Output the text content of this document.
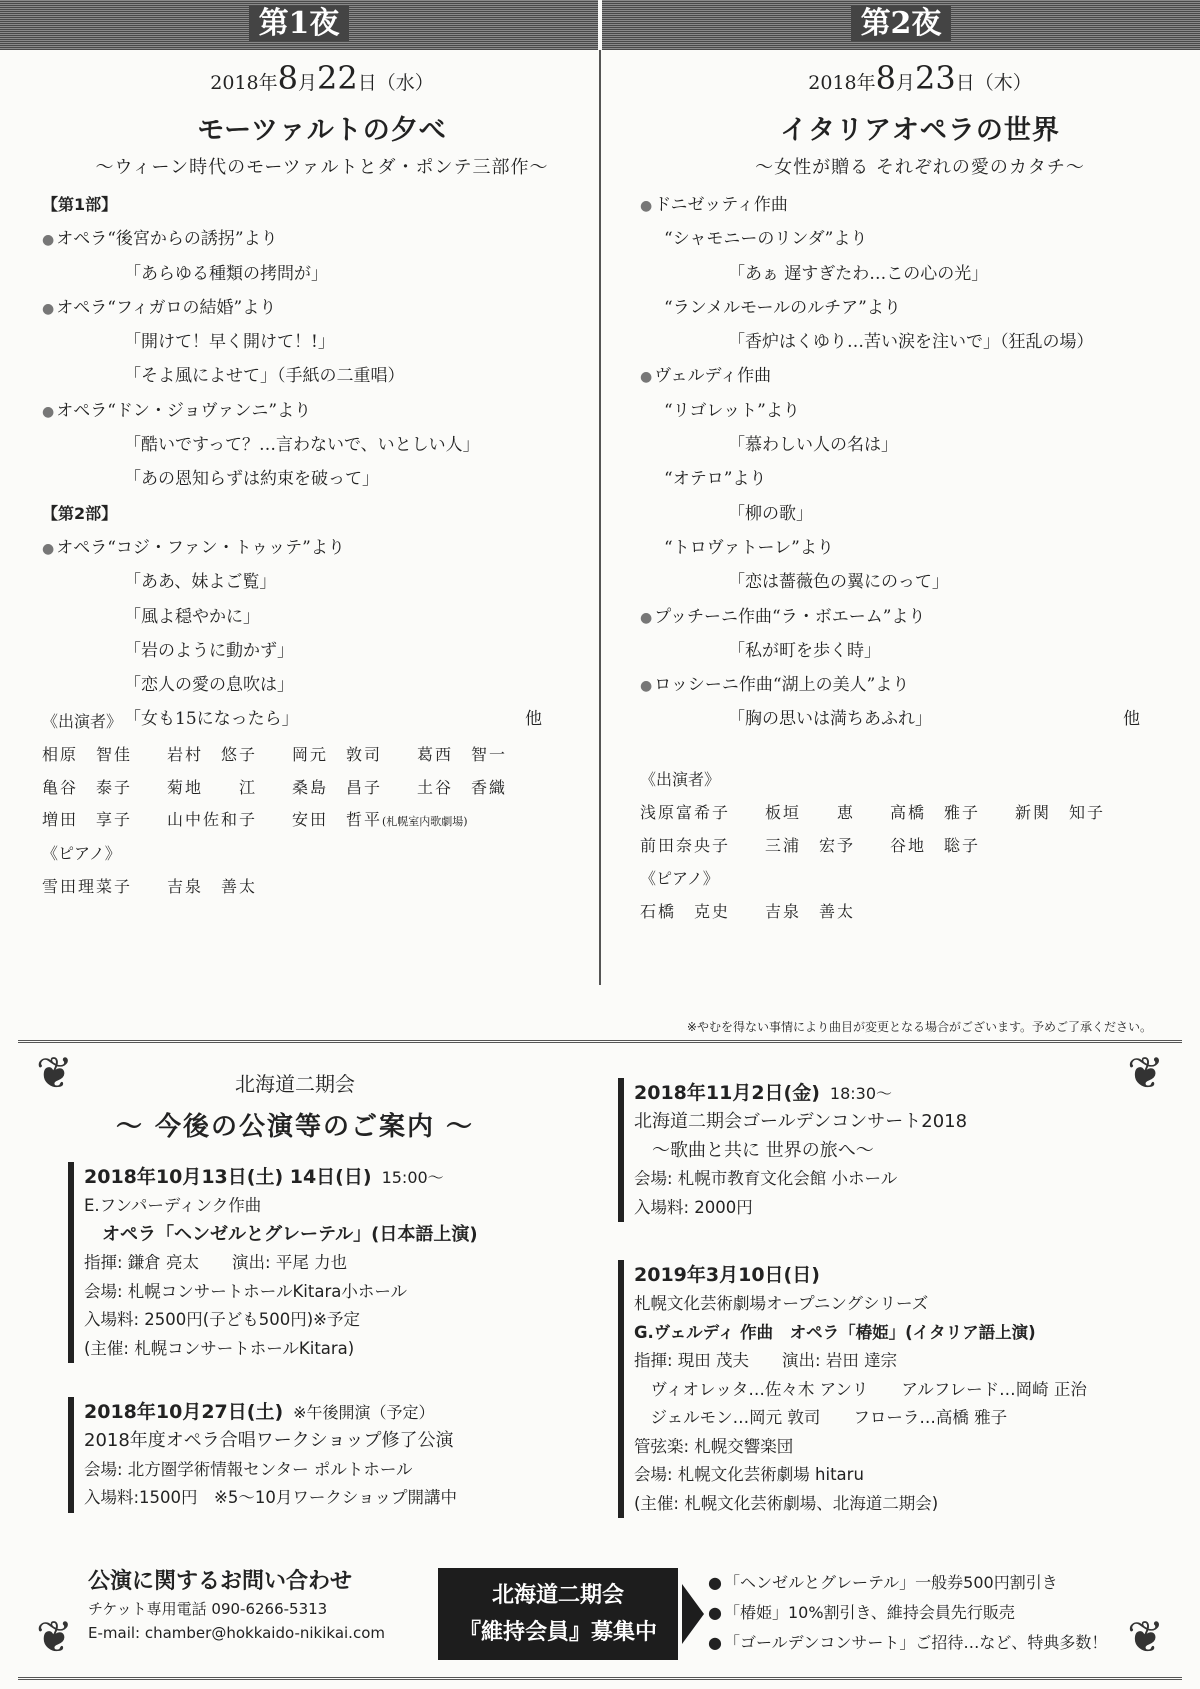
第1夜	第2夜
2018年8月22日（水）
モーツァルトの夕べ
〜ウィーン時代のモーツァルトとダ・ポンテ三部作〜
【第1部】
● オペラ“後宮からの誘拐”より
「あらゆる種類の拷問が」
● オペラ“フィガロの結婚”より
「開けて！早く開けて！!」
「そよ風によせて」（手紙の二重唱）
● オペラ“ドン・ジョヴァンニ”より
「酷いですって？…言わないで、いとしい人」
「あの恩知らずは約束を破って」
【第2部】
● オペラ“コジ・ファン・トゥッテ”より
「ああ、妹よご覧」
「風よ穏やかに」
「岩のように動かず」
「恋人の愛の息吹は」
「女も15になったら」	他
《出演者》
相原　智佳 岩村　悠子 岡元　敦司 葛西　智一
亀谷　泰子 菊地　　江 桑島　昌子 土谷　香織
増田　享子 山中佐和子 安田　哲平(札幌室内歌劇場)
《ピアノ》
雪田理菜子 吉泉　善太
2018年8月23日（木）
イタリアオペラの世界
〜女性が贈る それぞれの愛のカタチ〜
● ドニゼッティ作曲
“シャモニーのリンダ”より
「あぁ 遅すぎたわ…この心の光」
“ランメルモールのルチア”より
「香炉はくゆり…苦い涙を注いで」（狂乱の場）
● ヴェルディ作曲
“リゴレット”より
「慕わしい人の名は」
“オテロ”より
「柳の歌」
“トロヴァトーレ”より
「恋は薔薇色の翼にのって」
● プッチーニ作曲“ラ・ボエーム”より
「私が町を歩く時」
● ロッシーニ作曲“湖上の美人”より
「胸の思いは満ちあふれ」	他
《出演者》
浅原富希子 板垣　　恵 高橋　雅子 新関　知子
前田奈央子 三浦　宏予 谷地　聡子
《ピアノ》
石橋　克史 吉泉　善太
※やむを得ない事情により曲目が変更となる場合がございます。予めご了承ください。
❦	❦
❦	❦
北海道二期会
〜 今後の公演等のご案内 〜
2018年10月13日(土) 14日(日) 15:00〜
E.フンパーディンク作曲
　オペラ「ヘンゼルとグレーテル」(日本語上演)
指揮: 鎌倉 亮太　　演出: 平尾 力也
会場: 札幌コンサートホールKitara小ホール
入場料: 2500円(子ども500円)※予定
(主催: 札幌コンサートホールKitara)
2018年10月27日(土) ※午後開演（予定）
2018年度オペラ合唱ワークショップ修了公演
会場: 北方圏学術情報センター ポルトホール
入場料:1500円　※5〜10月ワークショップ開講中
2018年11月2日(金) 18:30〜
北海道二期会ゴールデンコンサート2018
　〜歌曲と共に 世界の旅へ〜
会場: 札幌市教育文化会館 小ホール
入場料: 2000円
2019年3月10日(日)
札幌文化芸術劇場オープニングシリーズ
G.ヴェルディ 作曲　オペラ「椿姫」(イタリア語上演)
指揮: 現田 茂夫　　演出: 岩田 達宗
　ヴィオレッタ…佐々木 アンリ　　アルフレード…岡崎 正治
　ジェルモン…岡元 敦司　　フローラ…高橋 雅子
管弦楽: 札幌交響楽団
会場: 札幌文化芸術劇場 hitaru
(主催: 札幌文化芸術劇場、北海道二期会)
公演に関するお問い合わせ
チケット専用電話 090-6266-5313
E-mail: chamber@hokkaido-nikikai.com
北海道二期会
『維持会員』募集中
● 「ヘンゼルとグレーテル」一般券500円割引き
● 「椿姫」10%割引き、維持会員先行販売
● 「ゴールデンコンサート」ご招待…など、特典多数！
